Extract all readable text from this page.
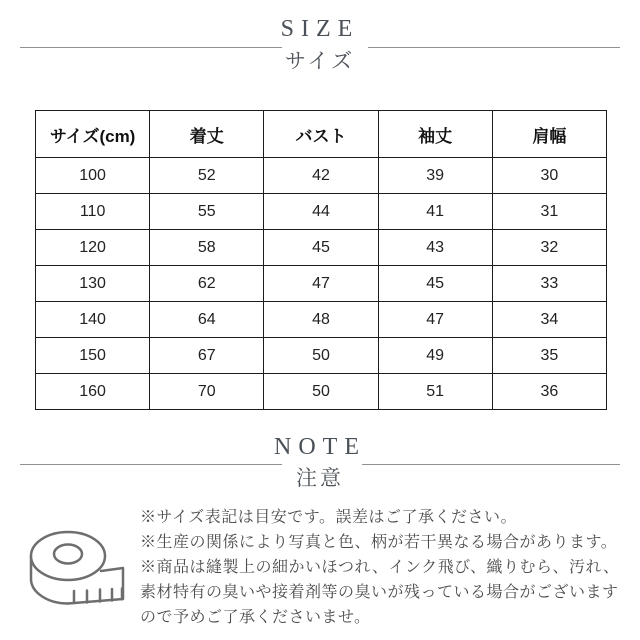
SIZE
サイズ
サイズ(cm)	着丈	バスト	袖丈	肩幅
100	52	42	39	30
110	55	44	41	31
120	58	45	43	32
130	62	47	45	33
140	64	48	47	34
150	67	50	49	35
160	70	50	51	36
NOTE
注意
※サイズ表記は目安です。誤差はご了承ください。
※生産の関係により写真と色、柄が若干異なる場合があります。
※商品は縫製上の細かいほつれ、インク飛び、織りむら、汚れ、
素材特有の臭いや接着剤等の臭いが残っている場合がございます
ので予めご了承くださいませ。
